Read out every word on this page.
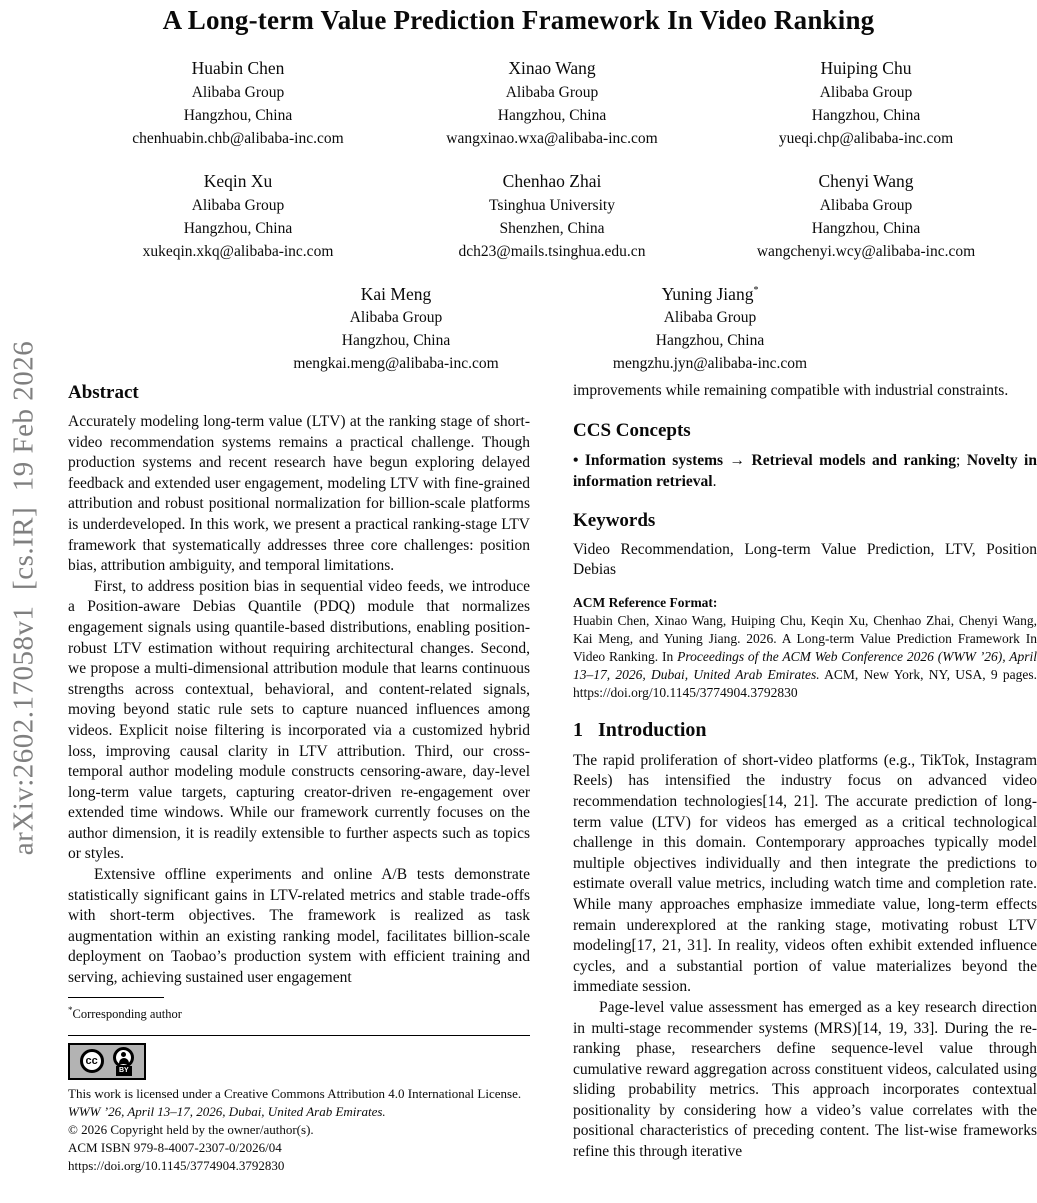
arXiv:2602.17058v1  [cs.IR]  19 Feb 2026
A Long-term Value Prediction Framework In Video Ranking
Huabin Chen
Alibaba Group
Hangzhou, China
chenhuabin.chb@alibaba-inc.com
Xinao Wang
Alibaba Group
Hangzhou, China
wangxinao.wxa@alibaba-inc.com
Huiping Chu
Alibaba Group
Hangzhou, China
yueqi.chp@alibaba-inc.com
Keqin Xu
Alibaba Group
Hangzhou, China
xukeqin.xkq@alibaba-inc.com
Chenhao Zhai
Tsinghua University
Shenzhen, China
dch23@mails.tsinghua.edu.cn
Chenyi Wang
Alibaba Group
Hangzhou, China
wangchenyi.wcy@alibaba-inc.com
Kai Meng
Alibaba Group
Hangzhou, China
mengkai.meng@alibaba-inc.com
Yuning Jiang*
Alibaba Group
Hangzhou, China
mengzhu.jyn@alibaba-inc.com
Abstract

Accurately modeling long-term value (LTV) at the ranking stage of short-video recommendation systems remains a practical challenge. Though production systems and recent research have begun exploring delayed feedback and extended user engagement, modeling LTV with fine-grained attribution and robust positional normalization for billion-scale platforms is underdeveloped. In this work, we present a practical ranking-stage LTV framework that systematically addresses three core challenges: position bias, attribution ambiguity, and temporal limitations.

First, to address position bias in sequential video feeds, we introduce a Position-aware Debias Quantile (PDQ) module that normalizes engagement signals using quantile-based distributions, enabling position-robust LTV estimation without requiring architectural changes. Second, we propose a multi-dimensional attribution module that learns continuous strengths across contextual, behavioral, and content-related signals, moving beyond static rule sets to capture nuanced influences among videos. Explicit noise filtering is incorporated via a customized hybrid loss, improving causal clarity in LTV attribution. Third, our cross-temporal author modeling module constructs censoring-aware, day-level long-term value targets, capturing creator-driven re-engagement over extended time windows. While our framework currently focuses on the author dimension, it is readily extensible to further aspects such as topics or styles.

Extensive offline experiments and online A/B tests demonstrate statistically significant gains in LTV-related metrics and stable trade-offs with short-term objectives. The framework is realized as task augmentation within an existing ranking model, facilitates billion-scale deployment on Taobao’s production system with efficient training and serving, achieving sustained user engagement

*Corresponding author
cc
BY
This work is licensed under a Creative Commons Attribution 4.0 International License.
WWW ’26, April 13–17, 2026, Dubai, United Arab Emirates.
© 2026 Copyright held by the owner/author(s).
ACM ISBN 979-8-4007-2307-0/2026/04
https://doi.org/10.1145/3774904.3792830

improvements while remaining compatible with industrial constraints.

CCS Concepts

• Information systems → Retrieval models and ranking; Novelty in information retrieval.

Keywords

Video Recommendation, Long-term Value Prediction, LTV, Position Debias

ACM Reference Format:

Huabin Chen, Xinao Wang, Huiping Chu, Keqin Xu, Chenhao Zhai, Chenyi Wang, Kai Meng, and Yuning Jiang. 2026. A Long-term Value Prediction Framework In Video Ranking. In Proceedings of the ACM Web Conference 2026 (WWW ’26), April 13–17, 2026, Dubai, United Arab Emirates. ACM, New York, NY, USA, 9 pages. https://doi.org/10.1145/3774904.3792830

1 Introduction

The rapid proliferation of short-video platforms (e.g., TikTok, Instagram Reels) has intensified the industry focus on advanced video recommendation technologies[14, 21]. The accurate prediction of long-term value (LTV) for videos has emerged as a critical technological challenge in this domain. Contemporary approaches typically model multiple objectives individually and then integrate the predictions to estimate overall value metrics, including watch time and completion rate. While many approaches emphasize immediate value, long-term effects remain underexplored at the ranking stage, motivating robust LTV modeling[17, 21, 31]. In reality, videos often exhibit extended influence cycles, and a substantial portion of value materializes beyond the immediate session.

Page-level value assessment has emerged as a key research direction in multi-stage recommender systems (MRS)[14, 19, 33]. During the re-ranking phase, researchers define sequence-level value through cumulative reward aggregation across constituent videos, calculated using sliding probability metrics. This approach incorporates contextual positionality by considering how a video’s value correlates with the positional characteristics of preceding content. The list-wise frameworks refine this through iterative
